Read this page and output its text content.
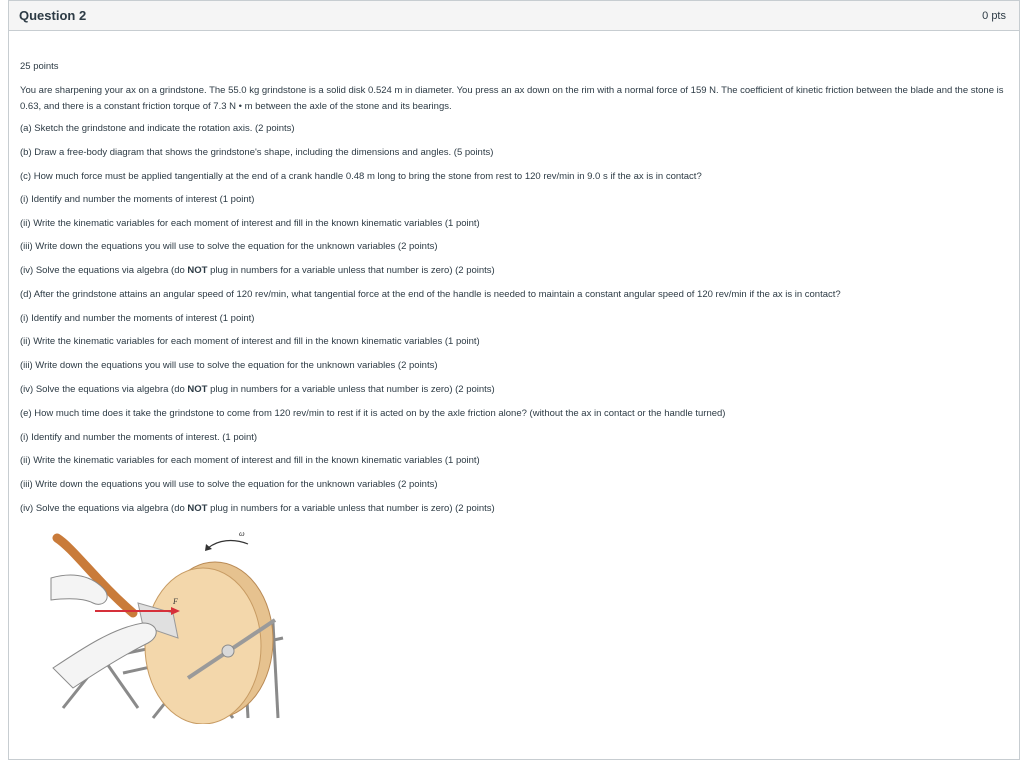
Question 2	0 pts
25 points
You are sharpening your ax on a grindstone. The 55.0 kg grindstone is a solid disk 0.524 m in diameter. You press an ax down on the rim with a normal force of 159 N. The coefficient of kinetic friction between the blade and the stone is 0.63, and there is a constant friction torque of 7.3 N • m between the axle of the stone and its bearings.
(a) Sketch the grindstone and indicate the rotation axis. (2 points)
(b) Draw a free-body diagram that shows the grindstone's shape, including the dimensions and angles. (5 points)
(c) How much force must be applied tangentially at the end of a crank handle 0.48 m long to bring the stone from rest to 120 rev/min in 9.0 s if the ax is in contact?
(i) Identify and number the moments of interest (1 point)
(ii) Write the kinematic variables for each moment of interest and fill in the known kinematic variables (1 point)
(iii) Write down the equations you will use to solve the equation for the unknown variables (2 points)
(iv) Solve the equations via algebra (do NOT plug in numbers for a variable unless that number is zero) (2 points)
(d) After the grindstone attains an angular speed of 120 rev/min, what tangential force at the end of the handle is needed to maintain a constant angular speed of 120 rev/min if the ax is in contact?
(i) Identify and number the moments of interest (1 point)
(ii) Write the kinematic variables for each moment of interest and fill in the known kinematic variables (1 point)
(iii) Write down the equations you will use to solve the equation for the unknown variables (2 points)
(iv) Solve the equations via algebra (do NOT plug in numbers for a variable unless that number is zero) (2 points)
(e) How much time does it take the grindstone to come from 120 rev/min to rest if it is acted on by the axle friction alone? (without the ax in contact or the handle turned)
(i) Identify and number the moments of interest. (1 point)
(ii) Write the kinematic variables for each moment of interest and fill in the known kinematic variables (1 point)
(iii) Write down the equations you will use to solve the equation for the unknown variables (2 points)
(iv) Solve the equations via algebra (do NOT plug in numbers for a variable unless that number is zero) (2 points)
F
ω
